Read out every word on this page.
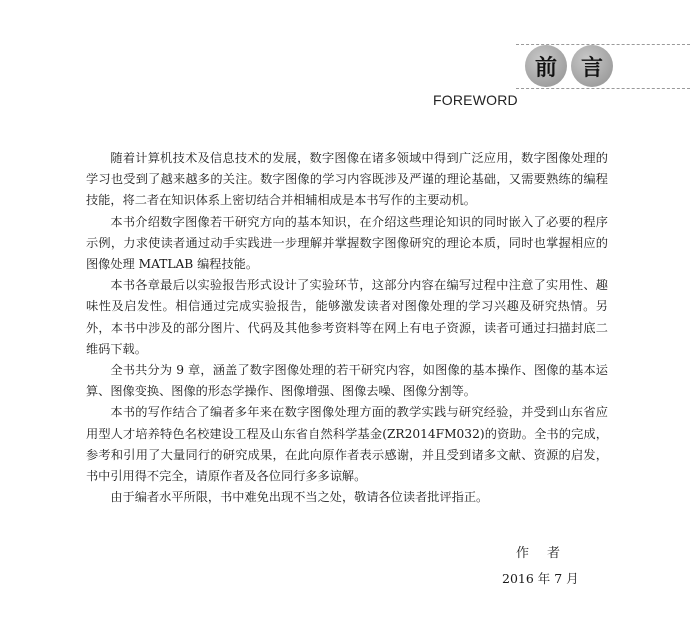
前	言
FOREWORD

随着计算机技术及信息技术的发展，数字图像在诸多领域中得到广泛应用，数字图像处理的学习也受到了越来越多的关注。数字图像的学习内容既涉及严谨的理论基础，又需要熟练的编程技能，将二者在知识体系上密切结合并相辅相成是本书写作的主要动机。

本书介绍数字图像若干研究方向的基本知识，在介绍这些理论知识的同时嵌入了必要的程序示例，力求使读者通过动手实践进一步理解并掌握数字图像研究的理论本质，同时也掌握相应的图像处理 MATLAB 编程技能。

本书各章最后以实验报告形式设计了实验环节，这部分内容在编写过程中注意了实用性、趣味性及启发性。相信通过完成实验报告，能够激发读者对图像处理的学习兴趣及研究热情。另外，本书中涉及的部分图片、代码及其他参考资料等在网上有电子资源，读者可通过扫描封底二维码下载。

全书共分为 9 章，涵盖了数字图像处理的若干研究内容，如图像的基本操作、图像的基本运算、图像变换、图像的形态学操作、图像增强、图像去噪、图像分割等。

本书的写作结合了编者多年来在数字图像处理方面的教学实践与研究经验，并受到山东省应用型人才培养特色名校建设工程及山东省自然科学基金(ZR2014FM032)的资助。全书的完成，参考和引用了大量同行的研究成果，在此向原作者表示感谢，并且受到诸多文献、资源的启发，书中引用得不完全，请原作者及各位同行多多谅解。

由于编者水平所限，书中难免出现不当之处，敬请各位读者批评指正。

作者
2016 年 7 月
